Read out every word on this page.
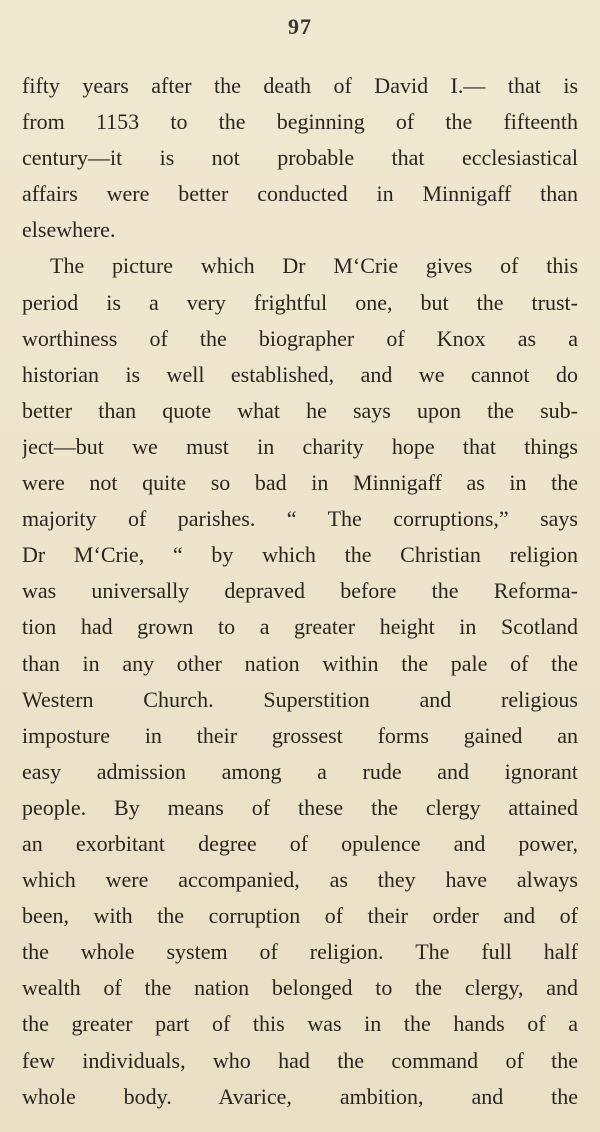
97
fifty years after the death of David I.— that is
from 1153 to the beginning of the fifteenth
century—it is not probable that ecclesiastical
affairs were better conducted in Minnigaff than
elsewhere.
The picture which Dr M‘Crie gives of this
period is a very frightful one, but the trust-
worthiness of the biographer of Knox as a
historian is well established, and we cannot do
better than quote what he says upon the sub-
ject—but we must in charity hope that things
were not quite so bad in Minnigaff as in the
majority of parishes. “ The corruptions,” says
Dr M‘Crie, “ by which the Christian religion
was universally depraved before the Reforma-
tion had grown to a greater height in Scotland
than in any other nation within the pale of the
Western Church. Superstition and religious
imposture in their grossest forms gained an
easy admission among a rude and ignorant
people. By means of these the clergy attained
an exorbitant degree of opulence and power,
which were accompanied, as they have always
been, with the corruption of their order and of
the whole system of religion. The full half
wealth of the nation belonged to the clergy, and
the greater part of this was in the hands of a
few individuals, who had the command of the
whole body. Avarice, ambition, and the
